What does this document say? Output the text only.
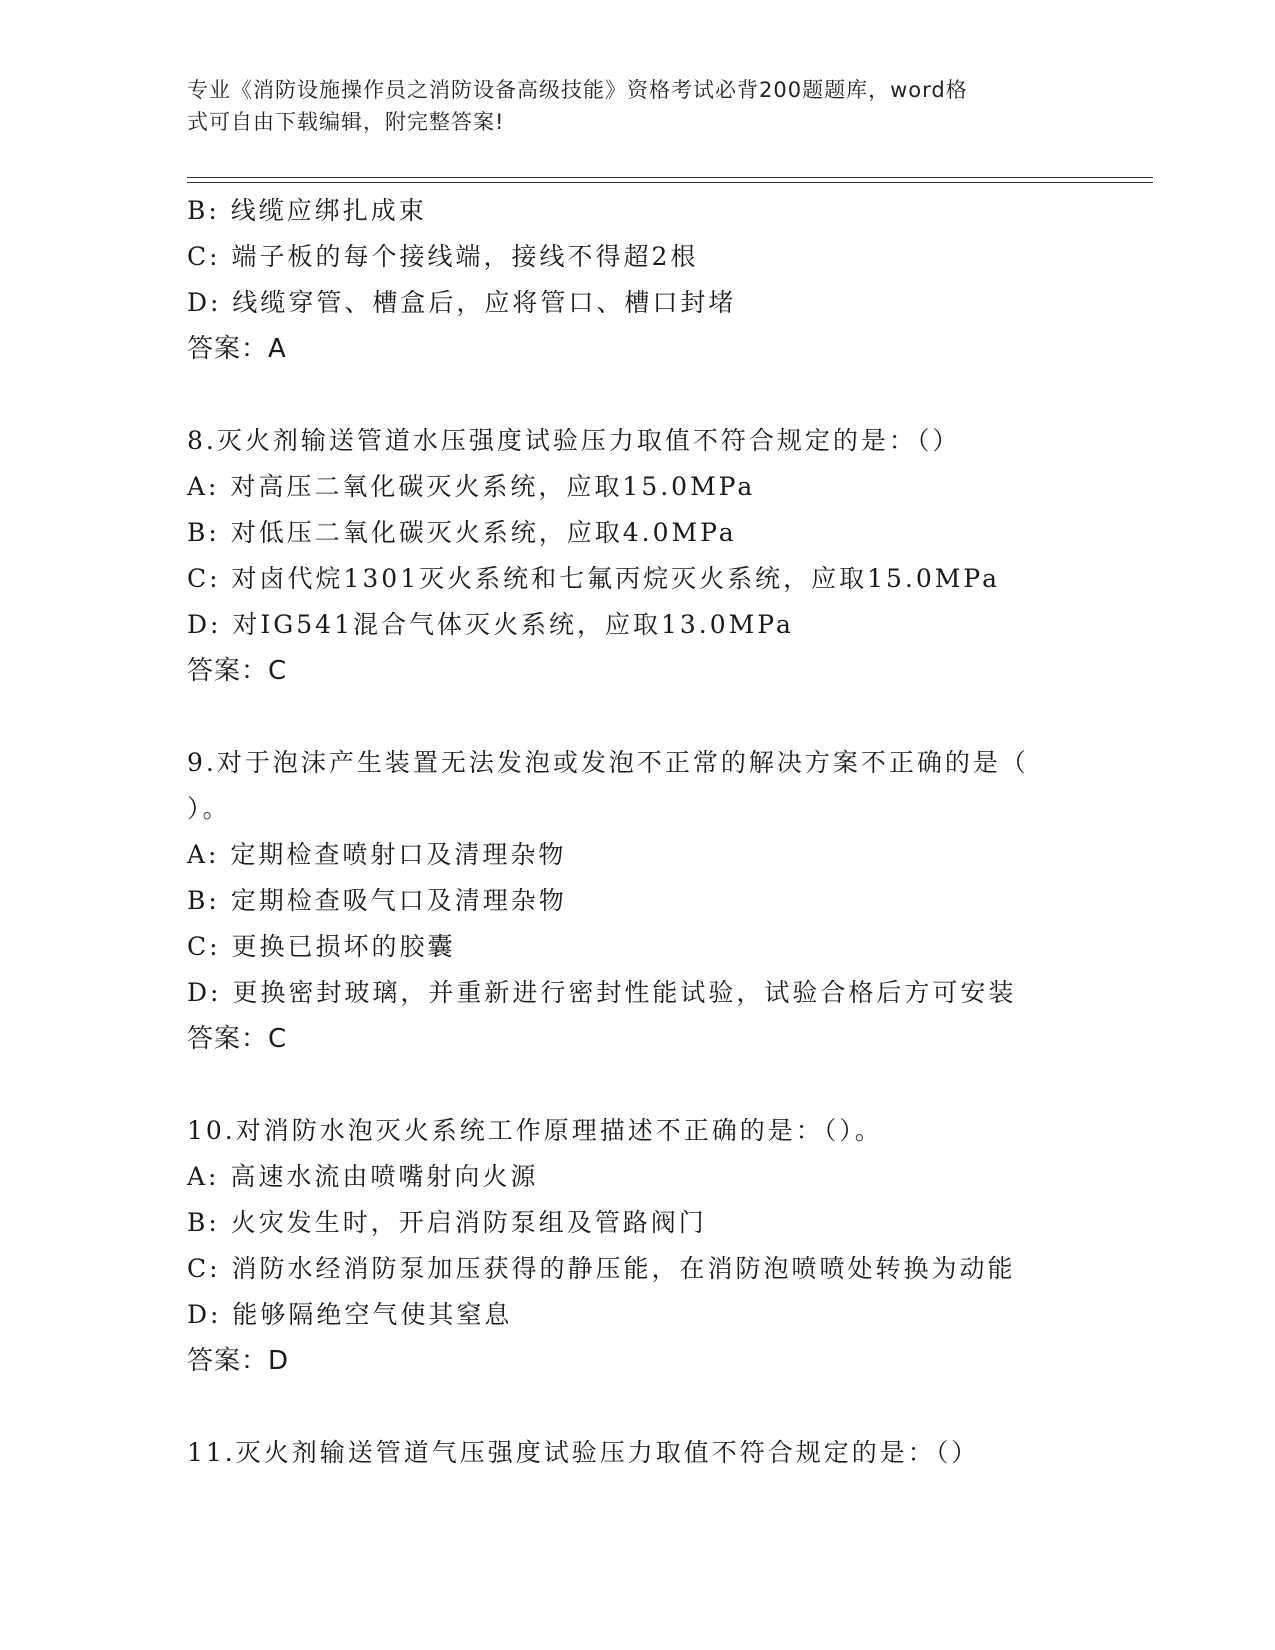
专业《消防设施操作员之消防设备高级技能》资格考试必背200题题库，word格
式可自由下载编辑，附完整答案!
B: 线缆应绑扎成束
C: 端子板的每个接线端，接线不得超2根
D: 线缆穿管、槽盒后，应将管口、槽口封堵
答案：A
8.灭火剂输送管道水压强度试验压力取值不符合规定的是：（）
A: 对高压二氧化碳灭火系统，应取15.0MPa
B: 对低压二氧化碳灭火系统，应取4.0MPa
C: 对卤代烷1301灭火系统和七氟丙烷灭火系统，应取15.0MPa
D: 对IG541混合气体灭火系统，应取13.0MPa
答案：C
9.对于泡沫产生装置无法发泡或发泡不正常的解决方案不正确的是（
）。
A: 定期检查喷射口及清理杂物
B: 定期检查吸气口及清理杂物
C: 更换已损坏的胶囊
D: 更换密封玻璃，并重新进行密封性能试验，试验合格后方可安装
答案：C
10.对消防水泡灭火系统工作原理描述不正确的是：（）。
A: 高速水流由喷嘴射向火源
B: 火灾发生时，开启消防泵组及管路阀门
C: 消防水经消防泵加压获得的静压能，在消防泡喷喷处转换为动能
D: 能够隔绝空气使其窒息
答案：D
11.灭火剂输送管道气压强度试验压力取值不符合规定的是：（）
